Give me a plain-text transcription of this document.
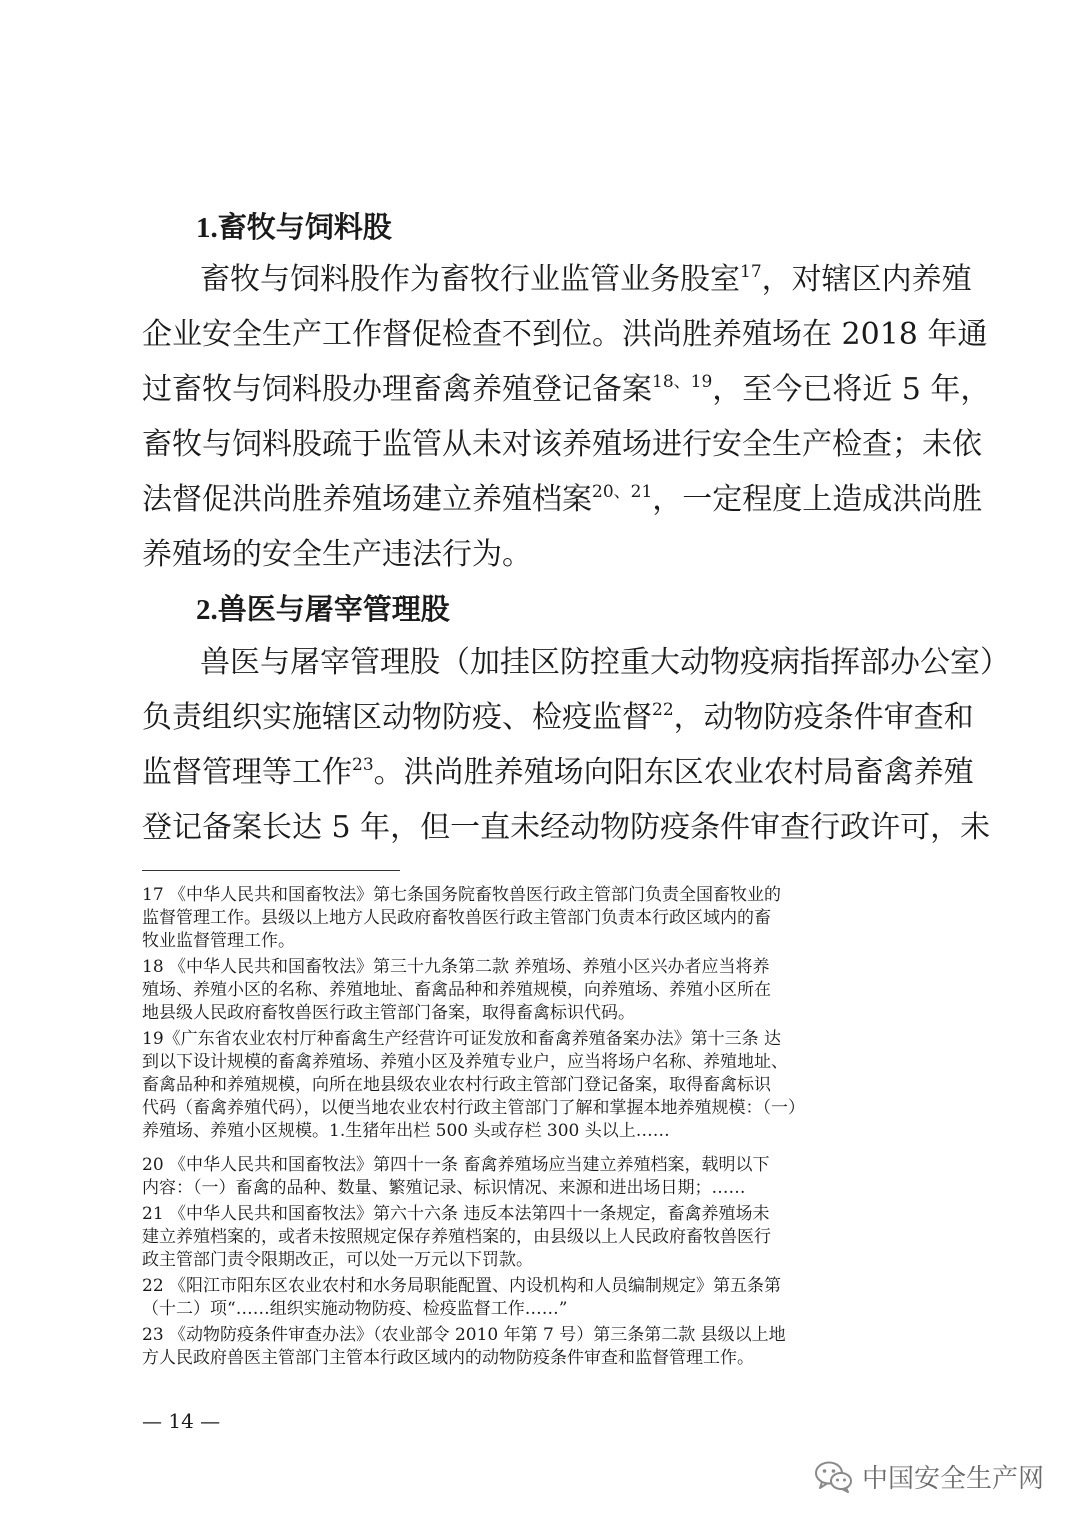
1.畜牧与饲料股
畜牧与饲料股作为畜牧行业监管业务股室$^{17}$，对辖区内养殖
企业安全生产工作督促检查不到位。洪尚胜养殖场在 2018 年通
过畜牧与饲料股办理畜禽养殖登记备案$^{18、19}$，至今已将近 5 年，
畜牧与饲料股疏于监管从未对该养殖场进行安全生产检查；未依
法督促洪尚胜养殖场建立养殖档案$^{20、21}$，一定程度上造成洪尚胜
养殖场的安全生产违法行为。
2.兽医与屠宰管理股
兽医与屠宰管理股（加挂区防控重大动物疫病指挥部办公室）
负责组织实施辖区动物防疫、检疫监督$^{22}$，动物防疫条件审查和
监督管理等工作$^{23}$。洪尚胜养殖场向阳东区农业农村局畜禽养殖
登记备案长达 5 年，但一直未经动物防疫条件审查行政许可，未
17 《中华人民共和国畜牧法》第七条国务院畜牧兽医行政主管部门负责全国畜牧业的
监督管理工作。县级以上地方人民政府畜牧兽医行政主管部门负责本行政区域内的畜
牧业监督管理工作。
18 《中华人民共和国畜牧法》第三十九条第二款 养殖场、养殖小区兴办者应当将养
殖场、养殖小区的名称、养殖地址、畜禽品种和养殖规模，向养殖场、养殖小区所在
地县级人民政府畜牧兽医行政主管部门备案，取得畜禽标识代码。
19《广东省农业农村厅种畜禽生产经营许可证发放和畜禽养殖备案办法》第十三条 达
到以下设计规模的畜禽养殖场、养殖小区及养殖专业户，应当将场户名称、养殖地址、
畜禽品种和养殖规模，向所在地县级农业农村行政主管部门登记备案，取得畜禽标识
代码（畜禽养殖代码），以便当地农业农村行政主管部门了解和掌握本地养殖规模：（一）
养殖场、养殖小区规模。1.生猪年出栏 500 头或存栏 300 头以上……
20 《中华人民共和国畜牧法》第四十一条 畜禽养殖场应当建立养殖档案，载明以下
内容：（一）畜禽的品种、数量、繁殖记录、标识情况、来源和进出场日期；……
21 《中华人民共和国畜牧法》第六十六条 违反本法第四十一条规定，畜禽养殖场未
建立养殖档案的，或者未按照规定保存养殖档案的，由县级以上人民政府畜牧兽医行
政主管部门责令限期改正，可以处一万元以下罚款。
22 《阳江市阳东区农业农村和水务局职能配置、内设机构和人员编制规定》第五条第
（十二）项“……组织实施动物防疫、检疫监督工作……”
23 《动物防疫条件审查办法》（农业部令 2010 年第 7 号）第三条第二款 县级以上地
方人民政府兽医主管部门主管本行政区域内的动物防疫条件审查和监督管理工作。
— 14 —
中国安全生产网
